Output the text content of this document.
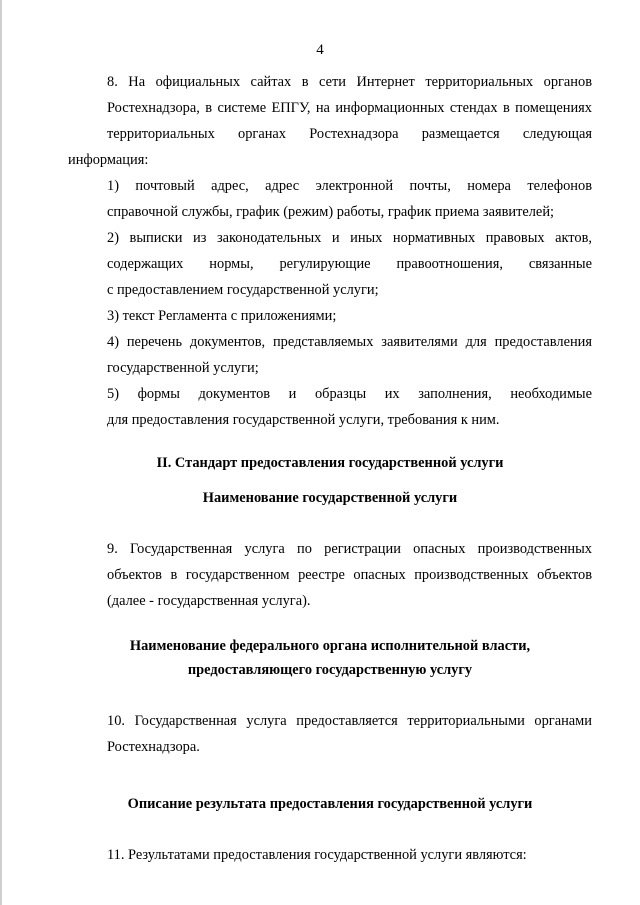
4

8. На официальных сайтах в сети Интернет территориальных органов
Ростехнадзора, в системе ЕПГУ, на информационных стендах в помещениях
территориальных органах Ростехнадзора размещается следующая информация:

1) почтовый адрес, адрес электронной почты, номера телефонов
справочной службы, график (режим) работы, график приема заявителей;

2) выписки из законодательных и иных нормативных правовых актов,
содержащих нормы, регулирующие правоотношения, связанные
с предоставлением государственной услуги;

3) текст Регламента с приложениями;

4) перечень документов, представляемых заявителями для предоставления
государственной услуги;

5) формы документов и образцы их заполнения, необходимые
для предоставления государственной услуги, требования к ним.

II. Стандарт предоставления государственной услуги
Наименование государственной услуги

9. Государственная услуга по регистрации опасных производственных
объектов в государственном реестре опасных производственных объектов
(далее - государственная услуга).

Наименование федерального органа исполнительной власти,
предоставляющего государственную услугу

10. Государственная услуга предоставляется территориальными органами
Ростехнадзора.

Описание результата предоставления государственной услуги

11. Результатами предоставления государственной услуги являются:
